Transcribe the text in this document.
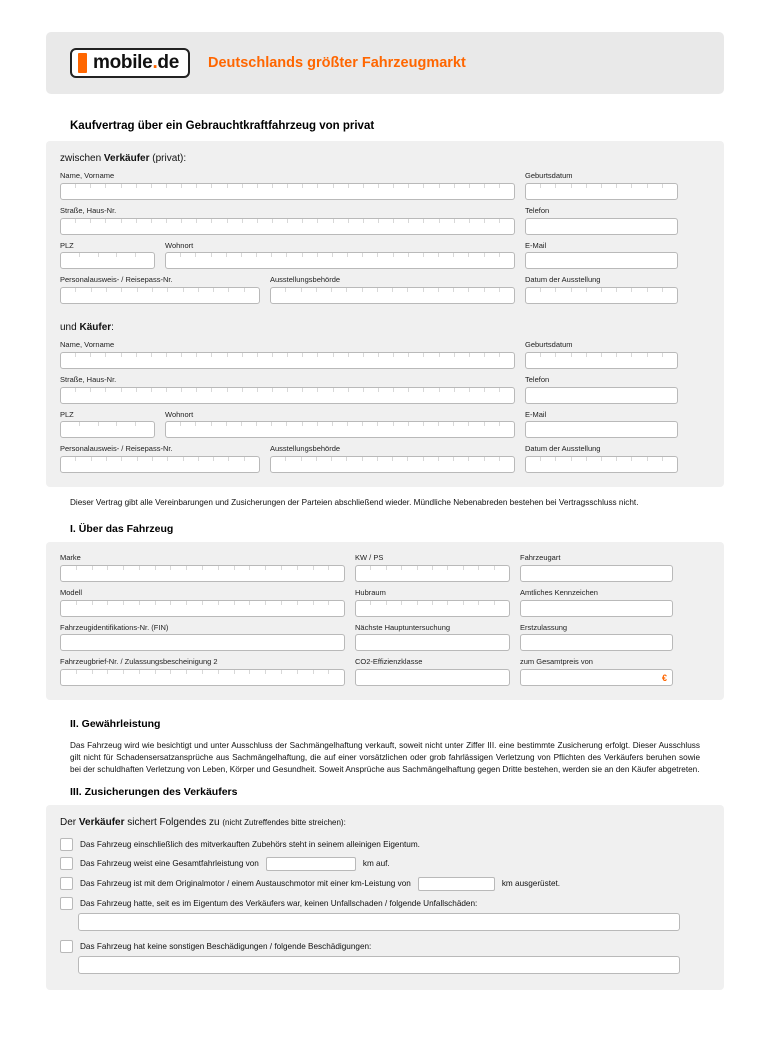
mobile.de Deutschlands größter Fahrzeugmarkt
Kaufvertrag über ein Gebrauchtkraftfahrzeug von privat
zwischen Verkäufer (privat):
Name, Vorname	Geburtsdatum
Straße, Haus-Nr.	Telefon
PLZ	Wohnort	E-Mail
Personalausweis- / Reisepass-Nr.	Ausstellungsbehörde	Datum der Ausstellung
und Käufer:
Name, Vorname	Geburtsdatum
Straße, Haus-Nr.	Telefon
PLZ	Wohnort	E-Mail
Personalausweis- / Reisepass-Nr.	Ausstellungsbehörde	Datum der Ausstellung
Dieser Vertrag gibt alle Vereinbarungen und Zusicherungen der Parteien abschließend wieder. Mündliche Nebenabreden bestehen bei Vertragsschluss nicht.
I. Über das Fahrzeug
Marke	KW / PS	Fahrzeugart
Modell	Hubraum	Amtliches Kennzeichen
Fahrzeugidentifikations-Nr. (FIN)	Nächste Hauptuntersuchung	Erstzulassung
Fahrzeugbrief-Nr. / Zulassungsbescheinigung 2	CO2-Effizienzklasse	zum Gesamtpreis von
€
II. Gewährleistung
Das Fahrzeug wird wie besichtigt und unter Ausschluss der Sachmängelhaftung verkauft, soweit nicht unter Ziffer III. eine bestimmte Zusicherung erfolgt. Dieser Ausschluss gilt nicht für Schadensersatzansprüche aus Sachmängelhaftung, die auf einer vorsätzlichen oder grob fahrlässigen Verletzung von Pflichten des Verkäufers beruhen sowie bei der schuldhaften Verletzung von Leben, Körper und Gesundheit. Soweit Ansprüche aus Sachmängelhaftung gegen Dritte bestehen, werden sie an den Käufer abgetreten.
III. Zusicherungen des Verkäufers
Der Verkäufer sichert Folgendes zu (nicht Zutreffendes bitte streichen):
Das Fahrzeug einschließlich des mitverkauften Zubehörs steht in seinem alleinigen Eigentum.
Das Fahrzeug weist eine Gesamtfahrleistung von	km auf.
Das Fahrzeug ist mit dem Originalmotor / einem Austauschmotor mit einer km-Leistung von	km ausgerüstet.
Das Fahrzeug hatte, seit es im Eigentum des Verkäufers war, keinen Unfallschaden / folgende Unfallschäden:
Das Fahrzeug hat keine sonstigen Beschädigungen / folgende Beschädigungen:
